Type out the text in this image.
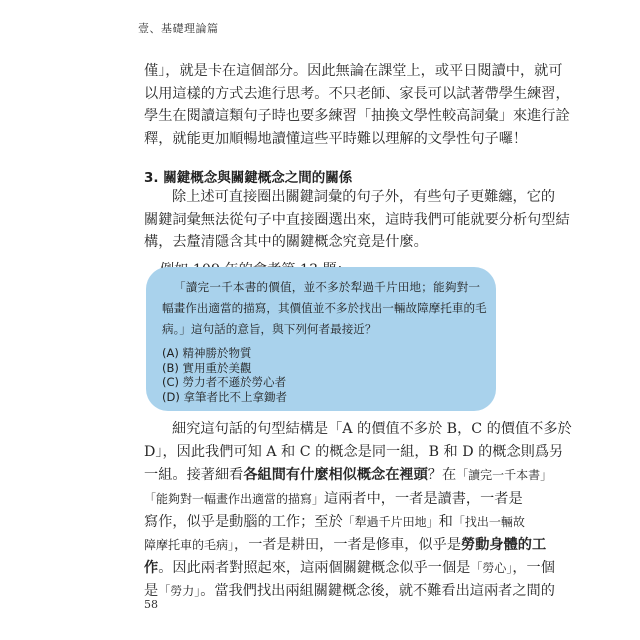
壹、基礎理論篇
僅」，就是卡在這個部分。因此無論在課堂上，或平日閱讀中，就可
以用這樣的方式去進行思考。不只老師、家長可以試著帶學生練習，
學生在閱讀這類句子時也要多練習「抽換文學性較高詞彙」來進行詮
釋，就能更加順暢地讀懂這些平時難以理解的文學性句子囉！
3. 關鍵概念與關鍵概念之間的關係
除上述可直接圈出關鍵詞彙的句子外，有些句子更難纏，它的
關鍵詞彙無法從句子中直接圈選出來，這時我們可能就要分析句型結
構，去釐清隱含其中的關鍵概念究竟是什麼。
「讀完一千本書的價值，並不多於犁過千片田地；能夠對一
幅畫作出適當的描寫，其價值並不多於找出一輛故障摩托車的毛
病。」這句話的意旨，與下列何者最接近？
(A) 精神勝於物質
(B) 實用重於美觀
(C) 勞力者不遜於勞心者
(D) 拿筆者比不上拿鋤者
細究這句話的句型結構是「A 的價值不多於 B，C 的價值不多於
D」，因此我們可知 A 和 C 的概念是同一組，B 和 D 的概念則爲另
一組。接著細看各組間有什麼相似概念在裡頭？在「讀完一千本書」
「能夠對一幅畫作出適當的描寫」這兩者中，一者是讀書，一者是
寫作，似乎是動腦的工作；至於「犁過千片田地」和「找出一輛故
障摩托車的毛病」，一者是耕田，一者是修車，似乎是勞動身體的工
作。因此兩者對照起來，這兩個關鍵概念似乎一個是「勞心」，一個
是「勞力」。當我們找出兩組關鍵概念後，就不難看出這兩者之間的
58
